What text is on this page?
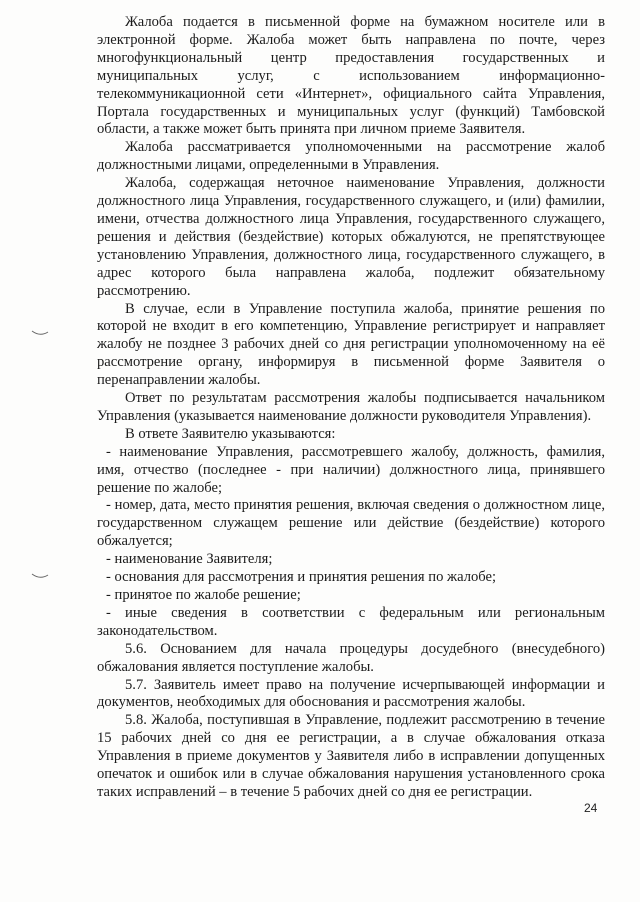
Жалоба подается в письменной форме на бумажном носителе или в электронной форме. Жалоба может быть направлена по почте, через многофункциональный центр предоставления государственных и муниципальных услуг, с использованием информационно-телекоммуникационной сети «Интернет», официального сайта Управления, Портала государственных и муниципальных услуг (функций) Тамбовской области, а также может быть принята при личном приеме Заявителя.

Жалоба рассматривается уполномоченными на рассмотрение жалоб должностными лицами, определенными в Управления.

Жалоба, содержащая неточное наименование Управления, должности должностного лица Управления, государственного служащего, и (или) фамилии, имени, отчества должностного лица Управления, государственного служащего, решения и действия (бездействие) которых обжалуются, не препятствующее установлению Управления, должностного лица, государственного служащего, в адрес которого была направлена жалоба, подлежит обязательному рассмотрению.

В случае, если в Управление поступила жалоба, принятие решения по которой не входит в его компетенцию, Управление регистрирует и направляет жалобу не позднее 3 рабочих дней со дня регистрации уполномоченному на её рассмотрение органу, информируя в письменной форме Заявителя о перенаправлении жалобы.

Ответ по результатам рассмотрения жалобы подписывается начальником Управления (указывается наименование должности руководителя Управления).

В ответе Заявителю указываются:

- наименование Управления, рассмотревшего жалобу, должность, фамилия, имя, отчество (последнее - при наличии) должностного лица, принявшего решение по жалобе;

- номер, дата, место принятия решения, включая сведения о должностном лице, государственном служащем решение или действие (бездействие) которого обжалуется;

- наименование Заявителя;

- основания для рассмотрения и принятия решения по жалобе;

- принятое по жалобе решение;

- иные сведения в соответствии с федеральным или региональным законодательством.

5.6. Основанием для начала процедуры досудебного (внесудебного) обжалования является поступление жалобы.

5.7. Заявитель имеет право на получение исчерпывающей информации и документов, необходимых для обоснования и рассмотрения жалобы.

5.8. Жалоба, поступившая в Управление, подлежит рассмотрению в течение 15 рабочих дней со дня ее регистрации, а в случае обжалования отказа Управления в приеме документов у Заявителя либо в исправлении допущенных опечаток и ошибок или в случае обжалования нарушения установленного срока таких исправлений – в течение 5 рабочих дней со дня ее регистрации.

24
